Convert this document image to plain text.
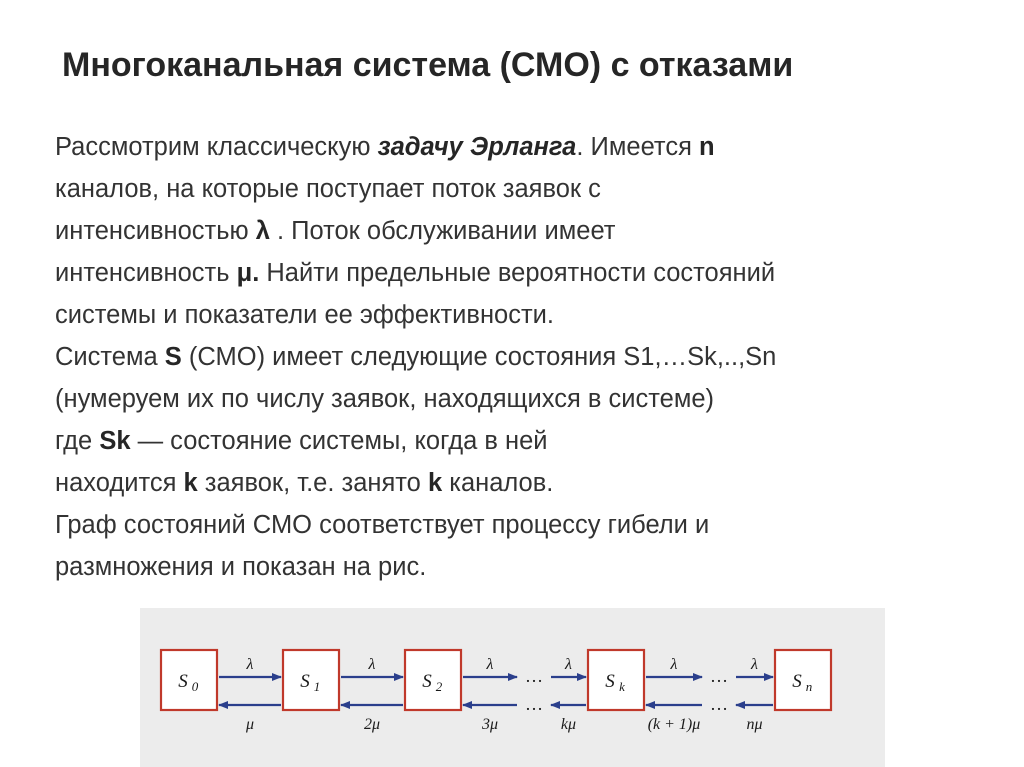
Многоканальная система (СМО) с отказами
Рассмотрим классическую задачу Эрланга. Имеется n
каналов, на которые поступает поток заявок с
интенсивностью λ . Поток обслуживании имеет
интенсивность μ. Найти предельные вероятности состояний
системы и показатели ее эффективности.
Система S (СМО) имеет следующие состояния S1,…Sk,..,Sn
(нумеруем их по числу заявок, находящихся в системе)
где Sk — состояние системы, когда в ней
находится k заявок, т.е. занято k каналов.
Граф состояний СМО соответствует процессу гибели и
размножения и показан на рис.
λ
μ
λ
2μ
λ
3μ
λ
kμ
λ
(k + 1)μ
λ
nμ
…
…
…
…
S 0	S 1	S 2	S k	S n
